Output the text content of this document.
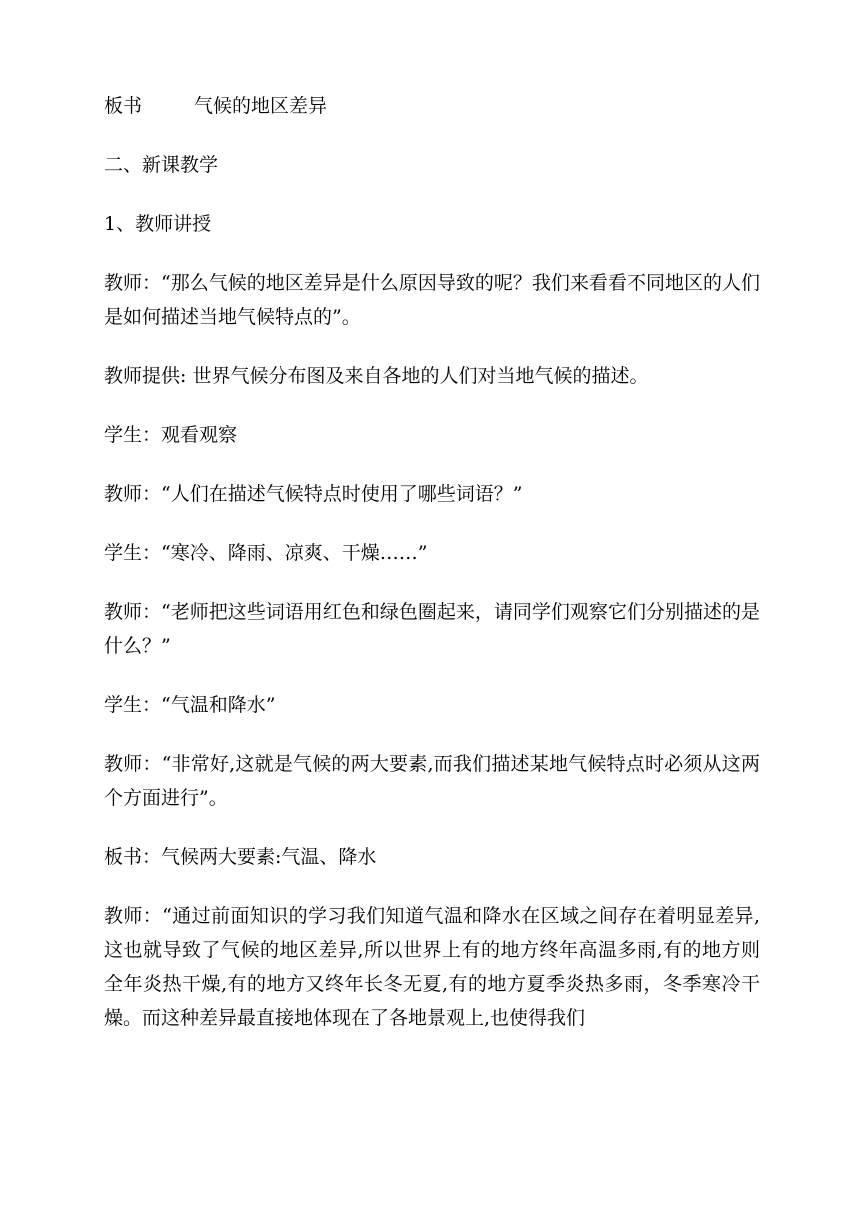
板书	气候的地区差异

二、新课教学

1、教师讲授

教师：“那么气候的地区差异是什么原因导致的呢？我们来看看不同地区的人们是如何描述当地气候特点的”。

教师提供: 世界气候分布图及来自各地的人们对当地气候的描述。

学生：观看观察

教师：“人们在描述气候特点时使用了哪些词语？”

学生：“寒冷、降雨、凉爽、干燥……”

教师：“老师把这些词语用红色和绿色圈起来，请同学们观察它们分别描述的是什么？”

学生：“气温和降水”

教师：“非常好,这就是气候的两大要素,而我们描述某地气候特点时必须从这两个方面进行”。

板书：气候两大要素:气温、降水

教师：“通过前面知识的学习我们知道气温和降水在区域之间存在着明显差异,这也就导致了气候的地区差异,所以世界上有的地方终年高温多雨,有的地方则全年炎热干燥,有的地方又终年长冬无夏,有的地方夏季炎热多雨，冬季寒冷干燥。而这种差异最直接地体现在了各地景观上,也使得我们
